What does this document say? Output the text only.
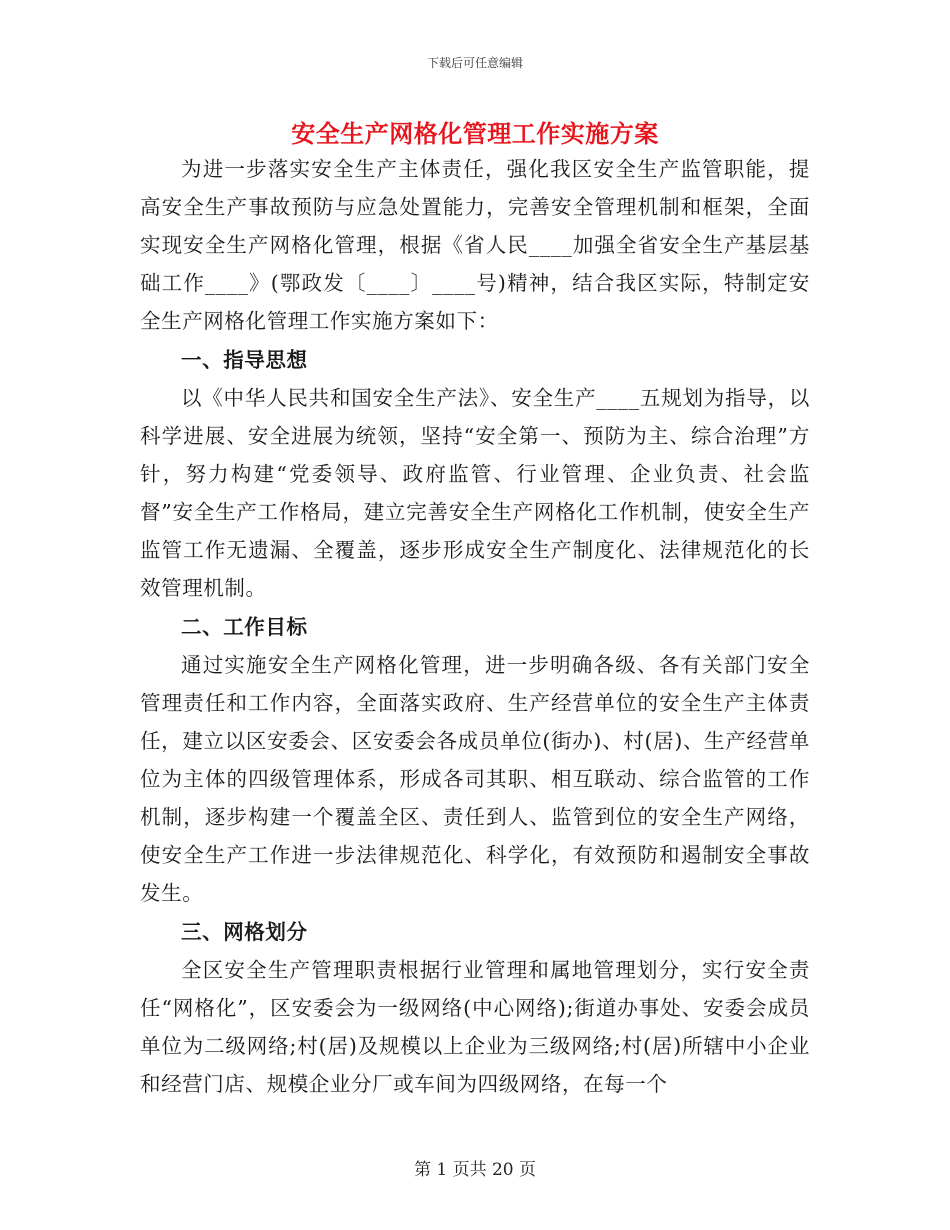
下载后可任意编辑
安全生产网格化管理工作实施方案

为进一步落实安全生产主体责任，强化我区安全生产监管职能，提高安全生产事故预防与应急处置能力，完善安全管理机制和框架，全面实现安全生产网格化管理，根据《省人民____加强全省安全生产基层基础工作____》(鄂政发〔____〕____号)精神，结合我区实际，特制定安全生产网格化管理工作实施方案如下：

一、指导思想

以《中华人民共和国安全生产法》、安全生产____五规划为指导，以科学进展、安全进展为统领，坚持“安全第一、预防为主、综合治理”方针，努力构建“党委领导、政府监管、行业管理、企业负责、社会监督”安全生产工作格局，建立完善安全生产网格化工作机制，使安全生产监管工作无遗漏、全覆盖，逐步形成安全生产制度化、法律规范化的长效管理机制。

二、工作目标

通过实施安全生产网格化管理，进一步明确各级、各有关部门安全管理责任和工作内容，全面落实政府、生产经营单位的安全生产主体责任，建立以区安委会、区安委会各成员单位(街办)、村(居)、生产经营单位为主体的四级管理体系，形成各司其职、相互联动、综合监管的工作机制，逐步构建一个覆盖全区、责任到人、监管到位的安全生产网络，使安全生产工作进一步法律规范化、科学化，有效预防和遏制安全事故发生。

三、网格划分

全区安全生产管理职责根据行业管理和属地管理划分，实行安全责任“网格化”，区安委会为一级网络(中心网络);街道办事处、安委会成员单位为二级网络;村(居)及规模以上企业为三级网络;村(居)所辖中小企业和经营门店、规模企业分厂或车间为四级网络，在每一个

第 1 页共 20 页
